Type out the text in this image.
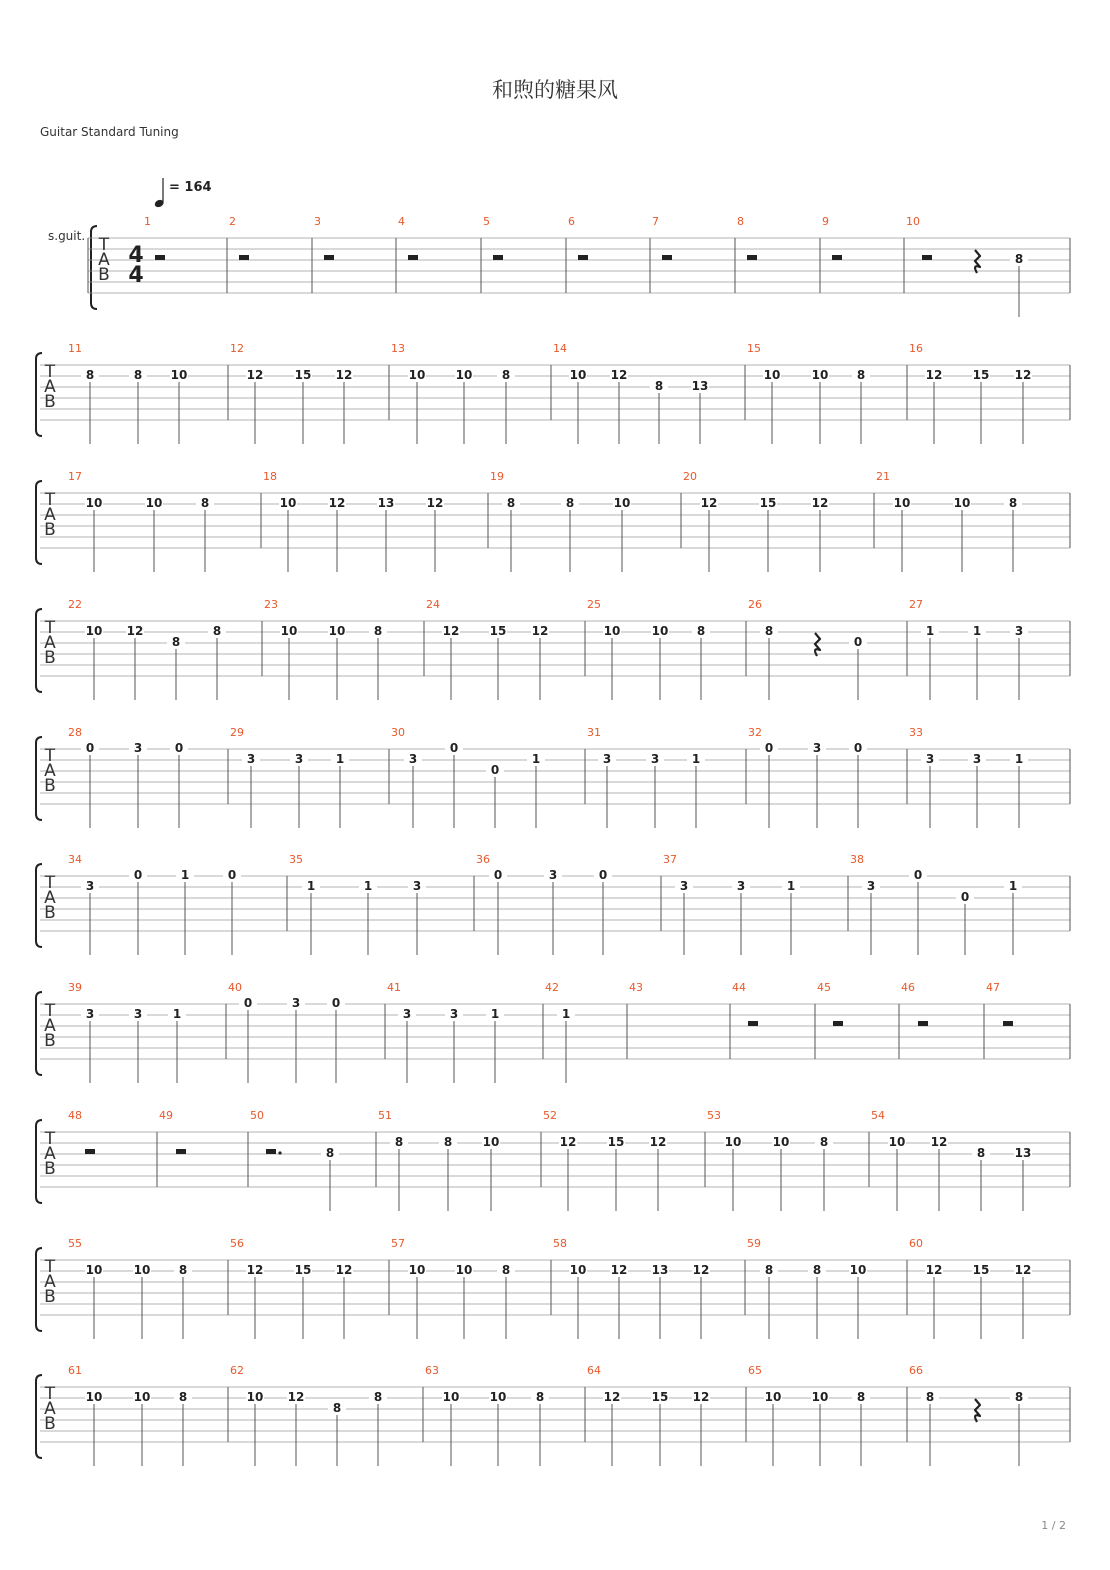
和煦的糖果风
Guitar Standard Tuning
= 164
s.guit. T
A
B
4
4
1	2	3	4	5	6	7	8	9	10
8
T
A
B
11
8	8 10
12
12	15 12
13
10	10 8
14
10 12
8 13
15
10	10 8
16
12	15 12
T
A
B
17
10	10	8
18
10	12	13	12
19
8	8	10
20
12	15	12
21
10	10	8
T
A
B
22
10 12
8
8
23
10	10 8
24
12	15 12
25
10	10 8
26
8
0
27
1	1	3
T
A
B
28
0	3	0
29
3	3	1
30
3
0
0
1
31
3	3	1
32
0	3	0
33
3	3	1
T
A
B
34
3
0	1	0
35
1	1	3
36
0	3	0
37
3	3	1
38
3
0
0
1
T
A
B
39
3	3	1
40
0	3	0
41
3	3	1
42
1
43	44	45	46	47
T
A
B
48	49	50
8
51
8	8	10
52
12	15 12
53
10	10	8
54
10 12
8 13
T
A
B
55
10	10 8
56
12	15 12
57
10	10 8
58
10 12 13 12
59
8	8 10
60
12	15 12
T
A
B
61
10	10 8
62
10 12
8
8
63
10	10 8
64
12	15 12
65
10	10 8
66
8	8
1 / 2
